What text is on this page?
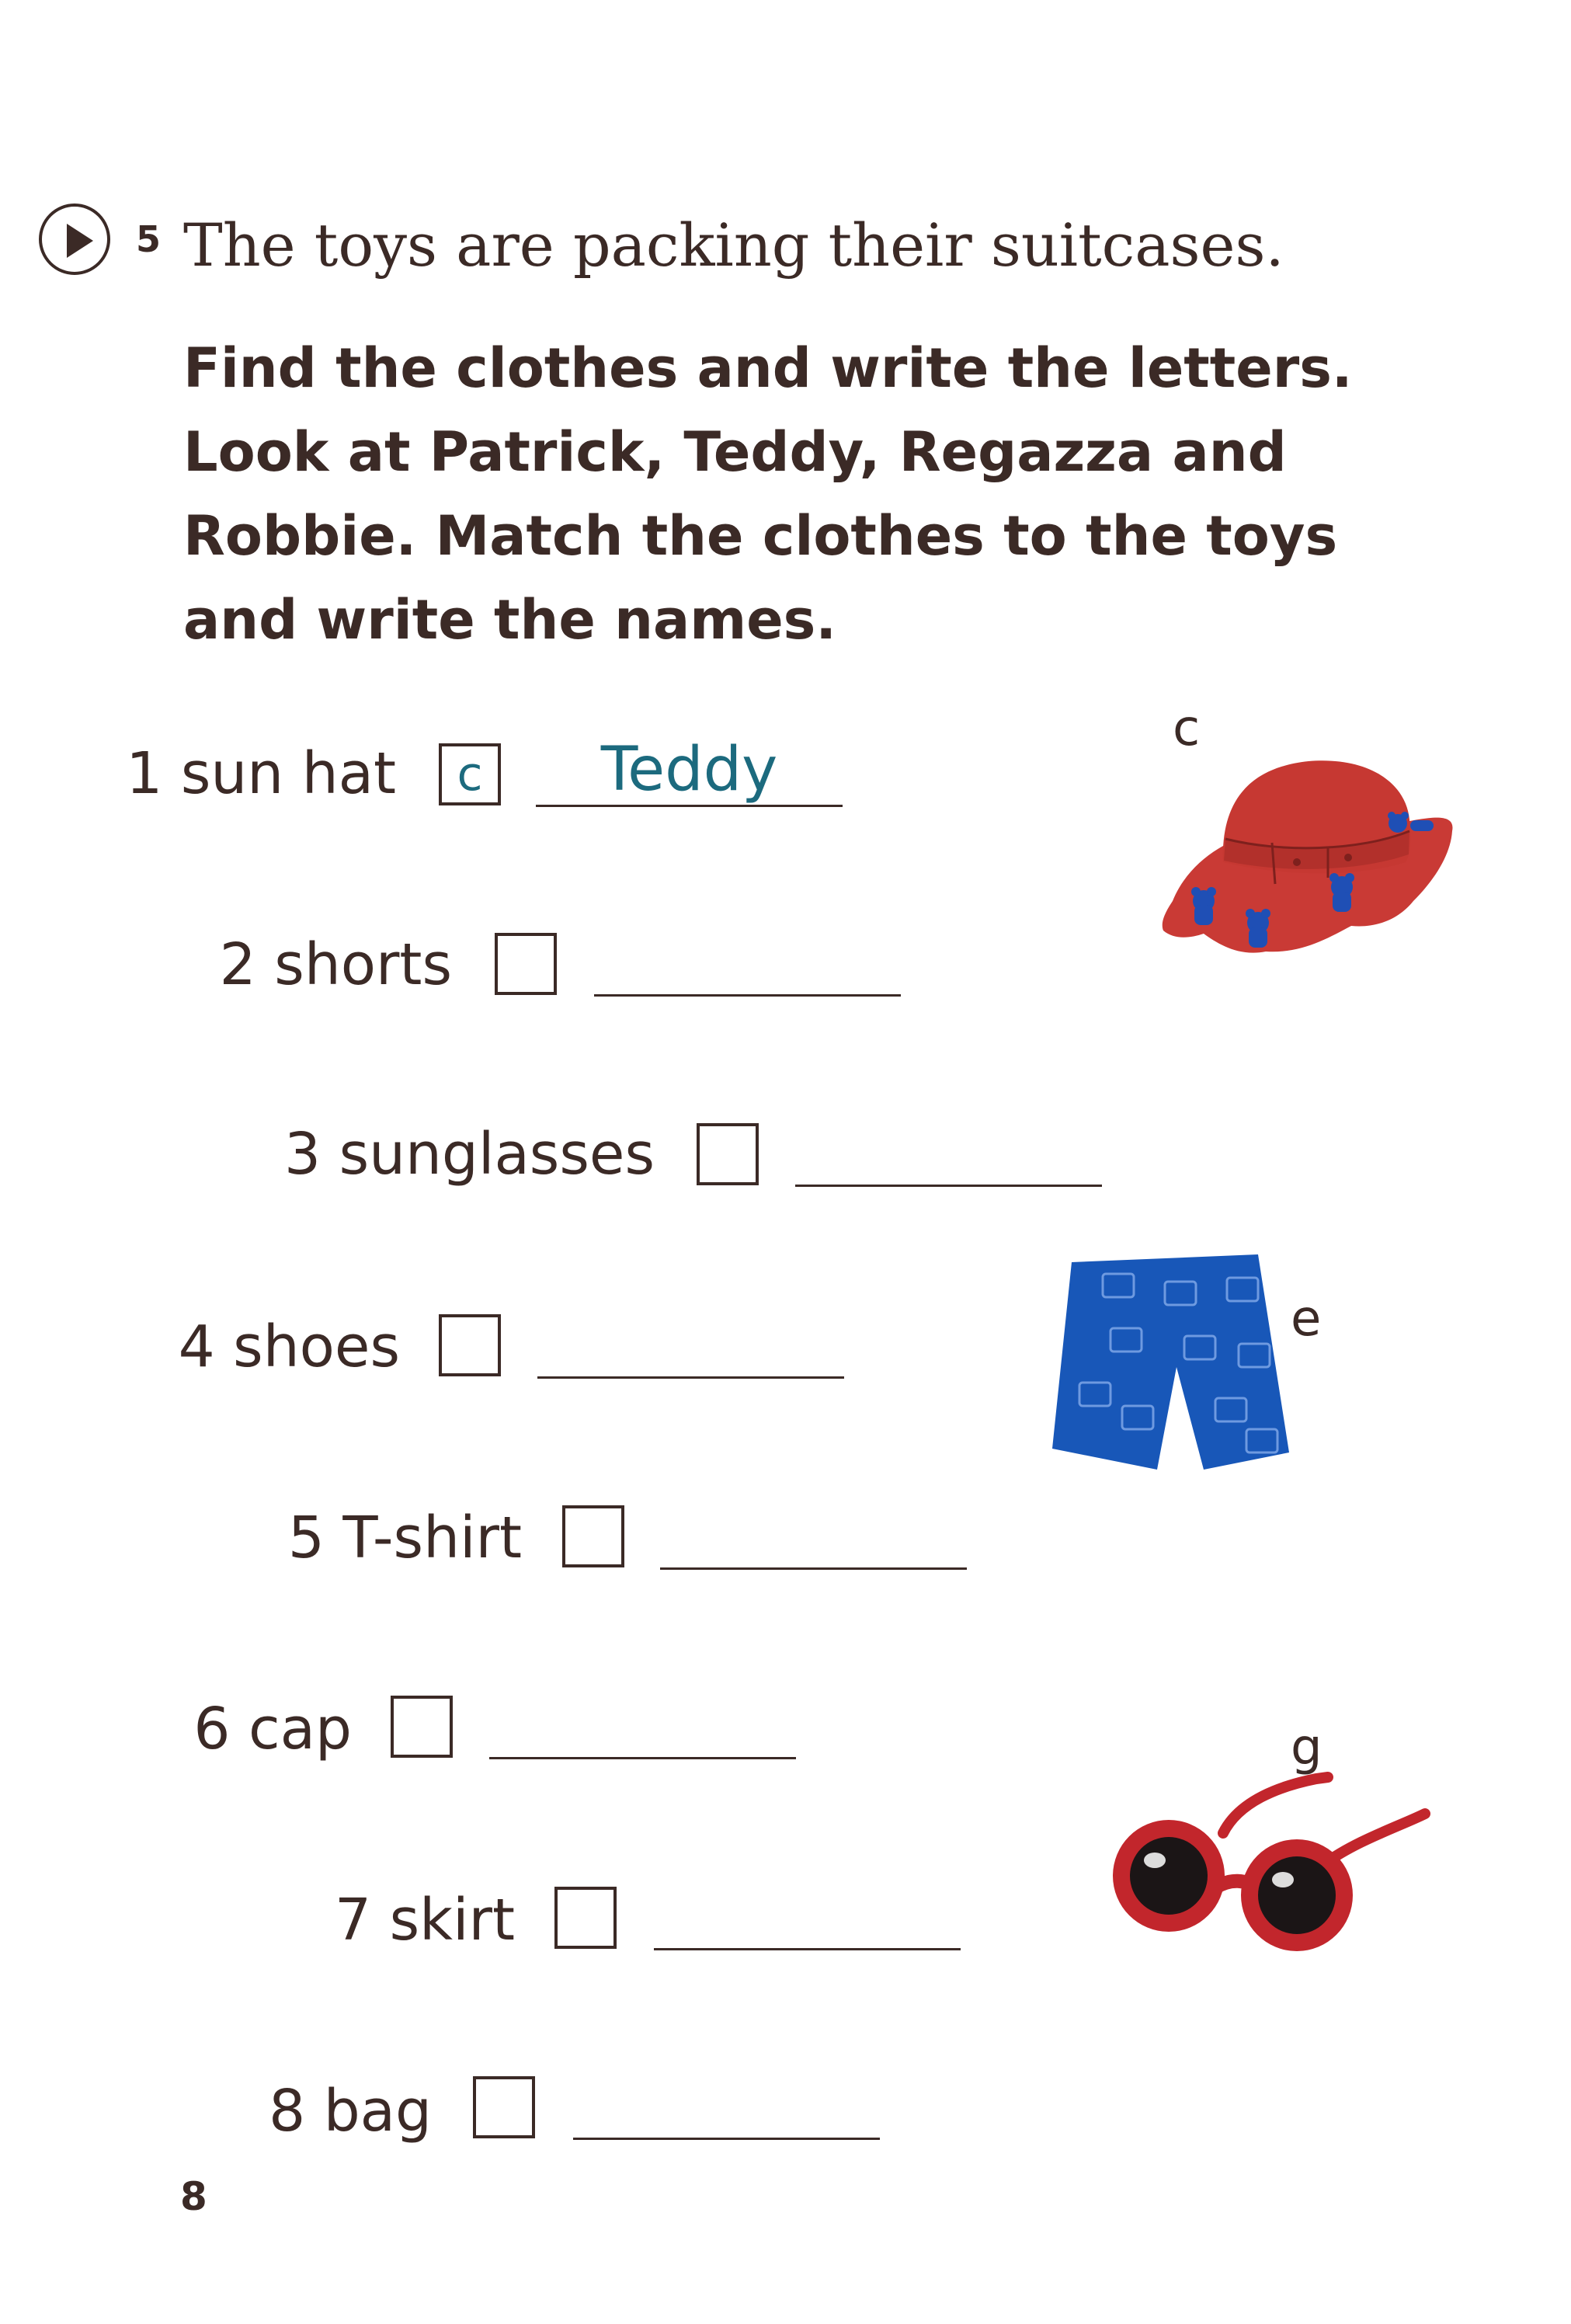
5 The toys are packing their suitcases.
Find the clothes and write the letters.
Look at Patrick, Teddy, Regazza and
Robbie. Match the clothes to the toys
and write the names.
1 sun hat	c	Teddy
2 shorts
3 sunglasses
4 shoes
5 T-shirt
6 cap
7 skirt
8 bag
c
e
g
8
